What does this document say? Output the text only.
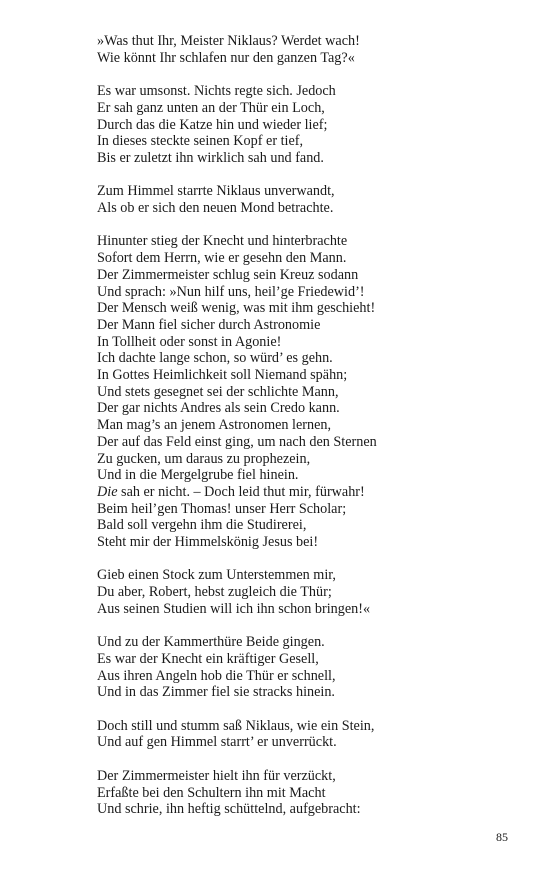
»Was thut Ihr, Meister Niklaus? Werdet wach!
Wie könnt Ihr schlafen nur den ganzen Tag?«
Es war umsonst. Nichts regte sich. Jedoch
Er sah ganz unten an der Thür ein Loch,
Durch das die Katze hin und wieder lief;
In dieses steckte seinen Kopf er tief,
Bis er zuletzt ihn wirklich sah und fand.
Zum Himmel starrte Niklaus unverwandt,
Als ob er sich den neuen Mond betrachte.
Hinunter stieg der Knecht und hinterbrachte
Sofort dem Herrn, wie er gesehn den Mann.
Der Zimmermeister schlug sein Kreuz sodann
Und sprach: »Nun hilf uns, heil’ge Friedewid’!
Der Mensch weiß wenig, was mit ihm geschieht!
Der Mann fiel sicher durch Astronomie
In Tollheit oder sonst in Agonie!
Ich dachte lange schon, so würd’ es gehn.
In Gottes Heimlichkeit soll Niemand spähn;
Und stets gesegnet sei der schlichte Mann,
Der gar nichts Andres als sein Credo kann.
Man mag’s an jenem Astronomen lernen,
Der auf das Feld einst ging, um nach den Sternen
Zu gucken, um daraus zu prophezein,
Und in die Mergelgrube fiel hinein.
Die sah er nicht. – Doch leid thut mir, fürwahr!
Beim heil’gen Thomas! unser Herr Scholar;
Bald soll vergehn ihm die Studirerei,
Steht mir der Himmelskönig Jesus bei!
Gieb einen Stock zum Unterstemmen mir,
Du aber, Robert, hebst zugleich die Thür;
Aus seinen Studien will ich ihn schon bringen!«
Und zu der Kammerthüre Beide gingen.
Es war der Knecht ein kräftiger Gesell,
Aus ihren Angeln hob die Thür er schnell,
Und in das Zimmer fiel sie stracks hinein.
Doch still und stumm saß Niklaus, wie ein Stein,
Und auf gen Himmel starrt’ er unverrückt.
Der Zimmermeister hielt ihn für verzückt,
Erfaßte bei den Schultern ihn mit Macht
Und schrie, ihn heftig schüttelnd, aufgebracht:
85
